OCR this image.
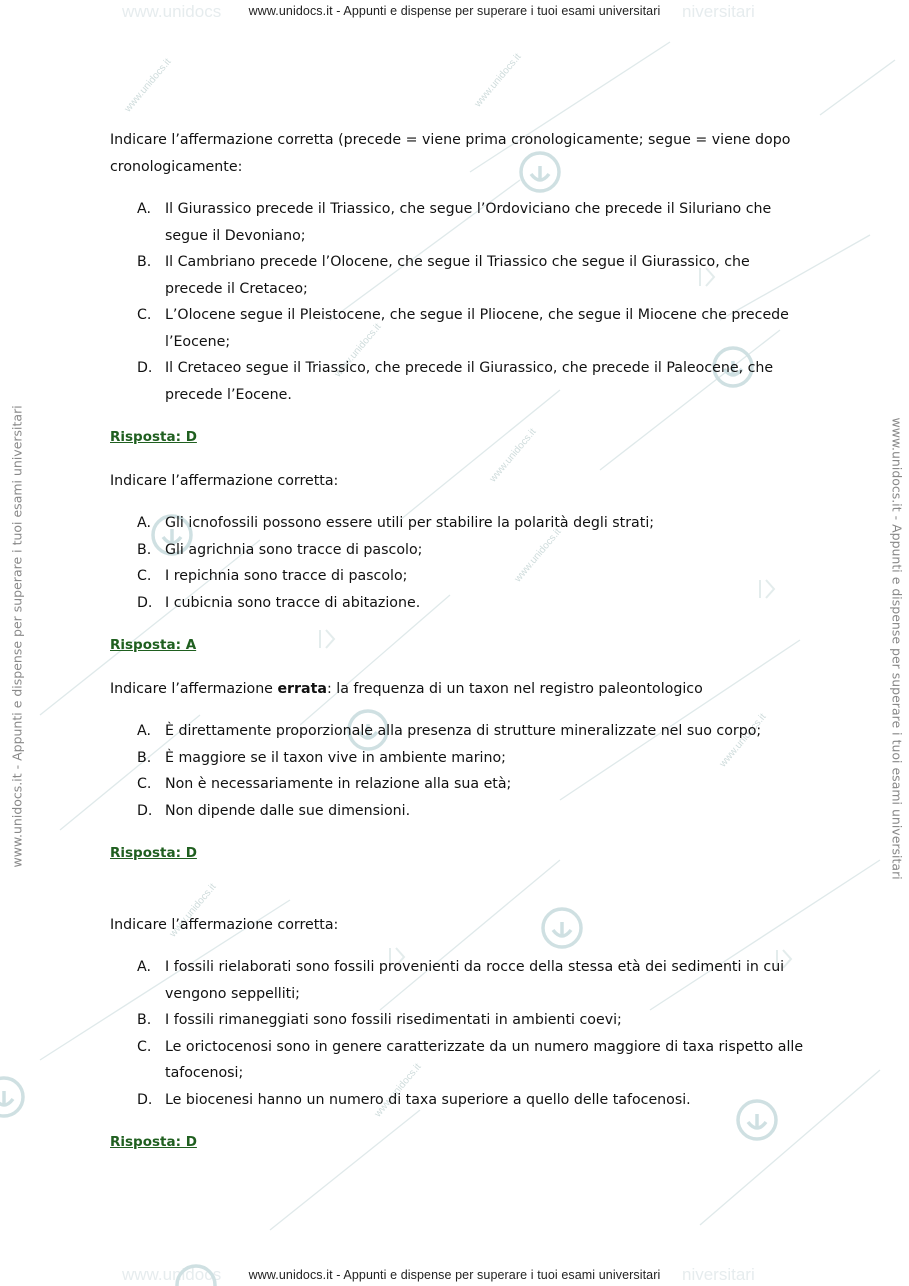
www.unidocs	niversitari
www.unidocs	niversitari
www.unidocs.it - Appunti e dispense per superare i tuoi esami universitari
www.unidocs.it - Appunti e dispense per superare i tuoi esami universitari
www.unidocs.it - Appunti e dispense per superare i tuoi esami universitari	www.unidocs.it - Appunti e dispense per superare i tuoi esami universitari
www.unidocs.it	www.unidocs.it
www.unidocs.it
www.unidocs.it
www.unidocs.it
www.unidocs.it
www.unidocs.it
www.unidocs.it
Indicare l’affermazione corretta (precede = viene prima cronologicamente; segue = viene dopo cronologicamente:
A. Il Giurassico precede il Triassico, che segue l’Ordoviciano che precede il Siluriano che segue il Devoniano;
B. Il Cambriano precede l’Olocene, che segue il Triassico che segue il Giurassico, che precede il Cretaceo;
C. L’Olocene segue il Pleistocene, che segue il Pliocene, che segue il Miocene che precede l’Eocene;
D. Il Cretaceo segue il Triassico, che precede il Giurassico, che precede il Paleocene, che precede l’Eocene.
Risposta: D
Indicare l’affermazione corretta:
A. Gli icnofossili possono essere utili per stabilire la polarità degli strati;
B. Gli agrichnia sono tracce di pascolo;
C. I repichnia sono tracce di pascolo;
D. I cubicnia sono tracce di abitazione.
Risposta: A
Indicare l’affermazione errata: la frequenza di un taxon nel registro paleontologico
A. È direttamente proporzionale alla presenza di strutture mineralizzate nel suo corpo;
B. È maggiore se il taxon vive in ambiente marino;
C. Non è necessariamente in relazione alla sua età;
D. Non dipende dalle sue dimensioni.
Risposta: D
Indicare l’affermazione corretta:
A. I fossili rielaborati sono fossili provenienti da rocce della stessa età dei sedimenti in cui vengono seppelliti;
B. I fossili rimaneggiati sono fossili risedimentati in ambienti coevi;
C. Le orictocenosi sono in genere caratterizzate da un numero maggiore di taxa rispetto alle tafocenosi;
D. Le biocenesi hanno un numero di taxa superiore a quello delle tafocenosi.
Risposta: D
